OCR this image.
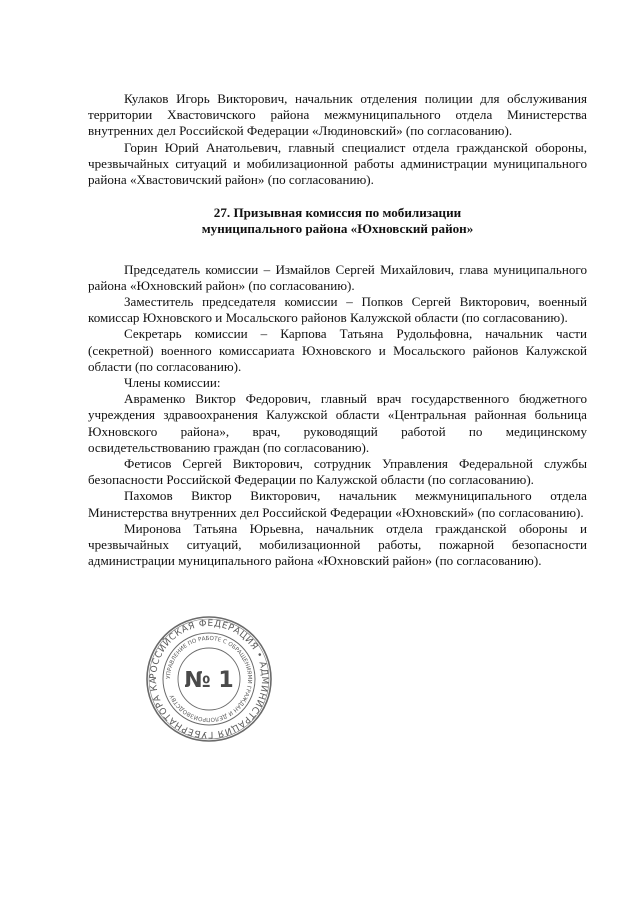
Кулаков Игорь Викторович, начальник отделения полиции для обслуживания территории Хвастовичского района межмуниципального отдела Министерства внутренних дел Российской Федерации «Людиновский» (по согласованию).

Горин Юрий Анатольевич, главный специалист отдела гражданской обороны, чрезвычайных ситуаций и мобилизационной работы администрации муниципального района «Хвастовичский район» (по согласованию).

27. Призывная комиссия по мобилизации
муниципального района «Юхновский район»

Председатель комиссии – Измайлов Сергей Михайлович, глава муниципального района «Юхновский район» (по согласованию).

Заместитель председателя комиссии – Попков Сергей Викторович, военный комиссар Юхновского и Мосальского районов Калужской области (по согласованию).

Секретарь комиссии – Карпова Татьяна Рудольфовна, начальник части (секретной) военного комиссариата Юхновского и Мосальского районов Калужской области (по согласованию).

Члены комиссии:

Авраменко Виктор Федорович, главный врач государственного бюджетного учреждения здравоохранения Калужской области «Центральная районная больница Юхновского района», врач, руководящий работой по медицинскому освидетельствованию граждан (по согласованию).

Фетисов Сергей Викторович, сотрудник Управления Федеральной службы безопасности Российской Федерации по Калужской области (по согласованию).

Пахомов Виктор Викторович, начальник межмуниципального отдела Министерства внутренних дел Российской Федерации «Юхновский» (по согласованию).

Миронова Татьяна Юрьевна, начальник отдела гражданской обороны и чрезвычайных ситуаций, мобилизационной работы, пожарной безопасности администрации муниципального района «Юхновский район» (по согласованию).

РОССИЙСКАЯ ФЕДЕРАЦИЯ • АДМИНИСТРАЦИЯ ГУБЕРНАТОРА КА	УПРАВЛЕНИЕ ПО РАБОТЕ С ОБРАЩЕНИЯМИ ГРАЖДАН И ДЕЛОПРОИЗВОДСТВУ
№ 1
